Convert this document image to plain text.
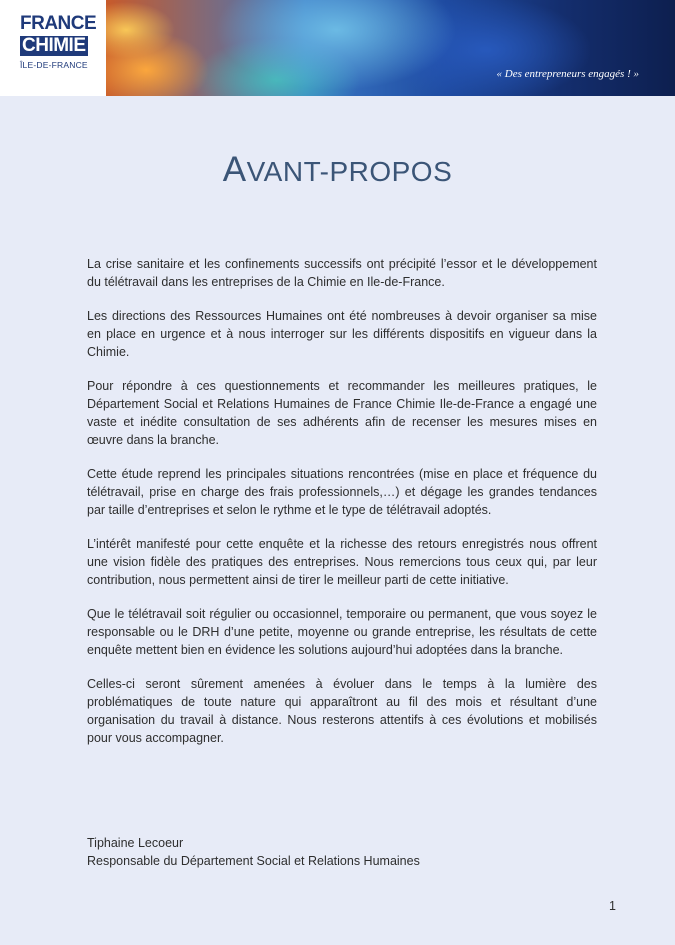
FRANCE
CHIMIE
ÎLE-DE-FRANCE
« Des entrepreneurs engagés ! »
AVANT-PROPOS

La crise sanitaire et les confinements successifs ont précipité l’essor et le développement du télétravail dans les entreprises de la Chimie en Ile-de-France.

Les directions des Ressources Humaines ont été nombreuses à devoir organiser sa mise en place en urgence et à nous interroger sur les différents dispositifs en vigueur dans la Chimie.

Pour répondre à ces questionnements et recommander les meilleures pratiques, le Département Social et Relations Humaines de France Chimie Ile-de-France a engagé une vaste et inédite consultation de ses adhérents afin de recenser les mesures mises en œuvre dans la branche.

Cette étude reprend les principales situations rencontrées (mise en place et fréquence du télétravail, prise en charge des frais professionnels,…) et dégage les grandes tendances par taille d’entreprises et selon le rythme et le type de télétravail adoptés.

L’intérêt manifesté pour cette enquête et la richesse des retours enregistrés nous offrent une vision fidèle des pratiques des entreprises. Nous remercions tous ceux qui, par leur contribution, nous permettent ainsi de tirer le meilleur parti de cette initiative.

Que le télétravail soit régulier ou occasionnel, temporaire ou permanent, que vous soyez le responsable ou le DRH d’une petite, moyenne ou grande entreprise, les résultats de cette enquête mettent bien en évidence les solutions aujourd’hui adoptées dans la branche.

Celles-ci seront sûrement amenées à évoluer dans le temps à la lumière des problématiques de toute nature qui apparaîtront au fil des mois et résultant d’une organisation du travail à distance. Nous resterons attentifs à ces évolutions et mobilisés pour vous accompagner.

Tiphaine Lecoeur
Responsable du Département Social et Relations Humaines
1
